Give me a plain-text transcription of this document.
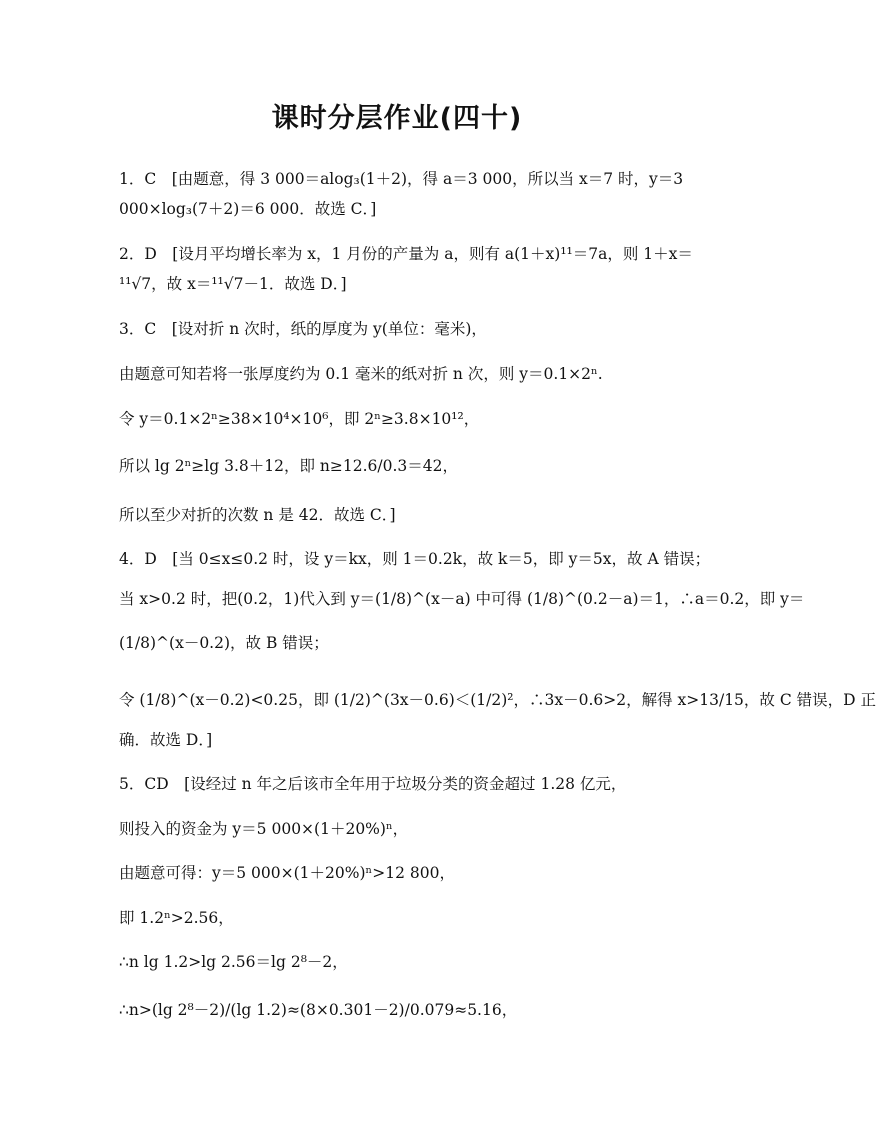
课时分层作业(四十)
1．C　[由题意，得 3 000＝alog₃(1＋2)，得 a＝3 000，所以当 x＝7 时，y＝3
000×log₃(7＋2)＝6 000．故选 C．]
2．D　[设月平均增长率为 x，1 月份的产量为 a，则有 a(1＋x)¹¹＝7a，则 1＋x＝
¹¹√7，故 x＝¹¹√7－1．故选 D．]
3．C　[设对折 n 次时，纸的厚度为 y(单位：毫米)，
由题意可知若将一张厚度约为 0.1 毫米的纸对折 n 次，则 y＝0.1×2ⁿ.
令 y＝0.1×2ⁿ≥38×10⁴×10⁶，即 2ⁿ≥3.8×10¹²，
所以 lg 2ⁿ≥lg 3.8＋12，即 n≥12.6/0.3＝42，
所以至少对折的次数 n 是 42．故选 C．]
4．D　[当 0≤x≤0.2 时，设 y＝kx，则 1＝0.2k，故 k＝5，即 y＝5x，故 A 错误；
当 x>0.2 时，把(0.2，1)代入到 y＝(1/8)^(x－a) 中可得 (1/8)^(0.2－a)＝1，∴a＝0.2，即 y＝
(1/8)^(x－0.2)，故 B 错误；
令 (1/8)^(x－0.2)<0.25，即 (1/2)^(3x－0.6)＜(1/2)²，∴3x－0.6>2，解得 x>13/15，故 C 错误，D 正
确．故选 D．]
5．CD　[设经过 n 年之后该市全年用于垃圾分类的资金超过 1.28 亿元，
则投入的资金为 y＝5 000×(1＋20%)ⁿ，
由题意可得：y＝5 000×(1＋20%)ⁿ>12 800，
即 1.2ⁿ>2.56，
∴n lg 1.2>lg 2.56＝lg 2⁸－2，
∴n>(lg 2⁸－2)/(lg 1.2)≈(8×0.301－2)/0.079≈5.16，
